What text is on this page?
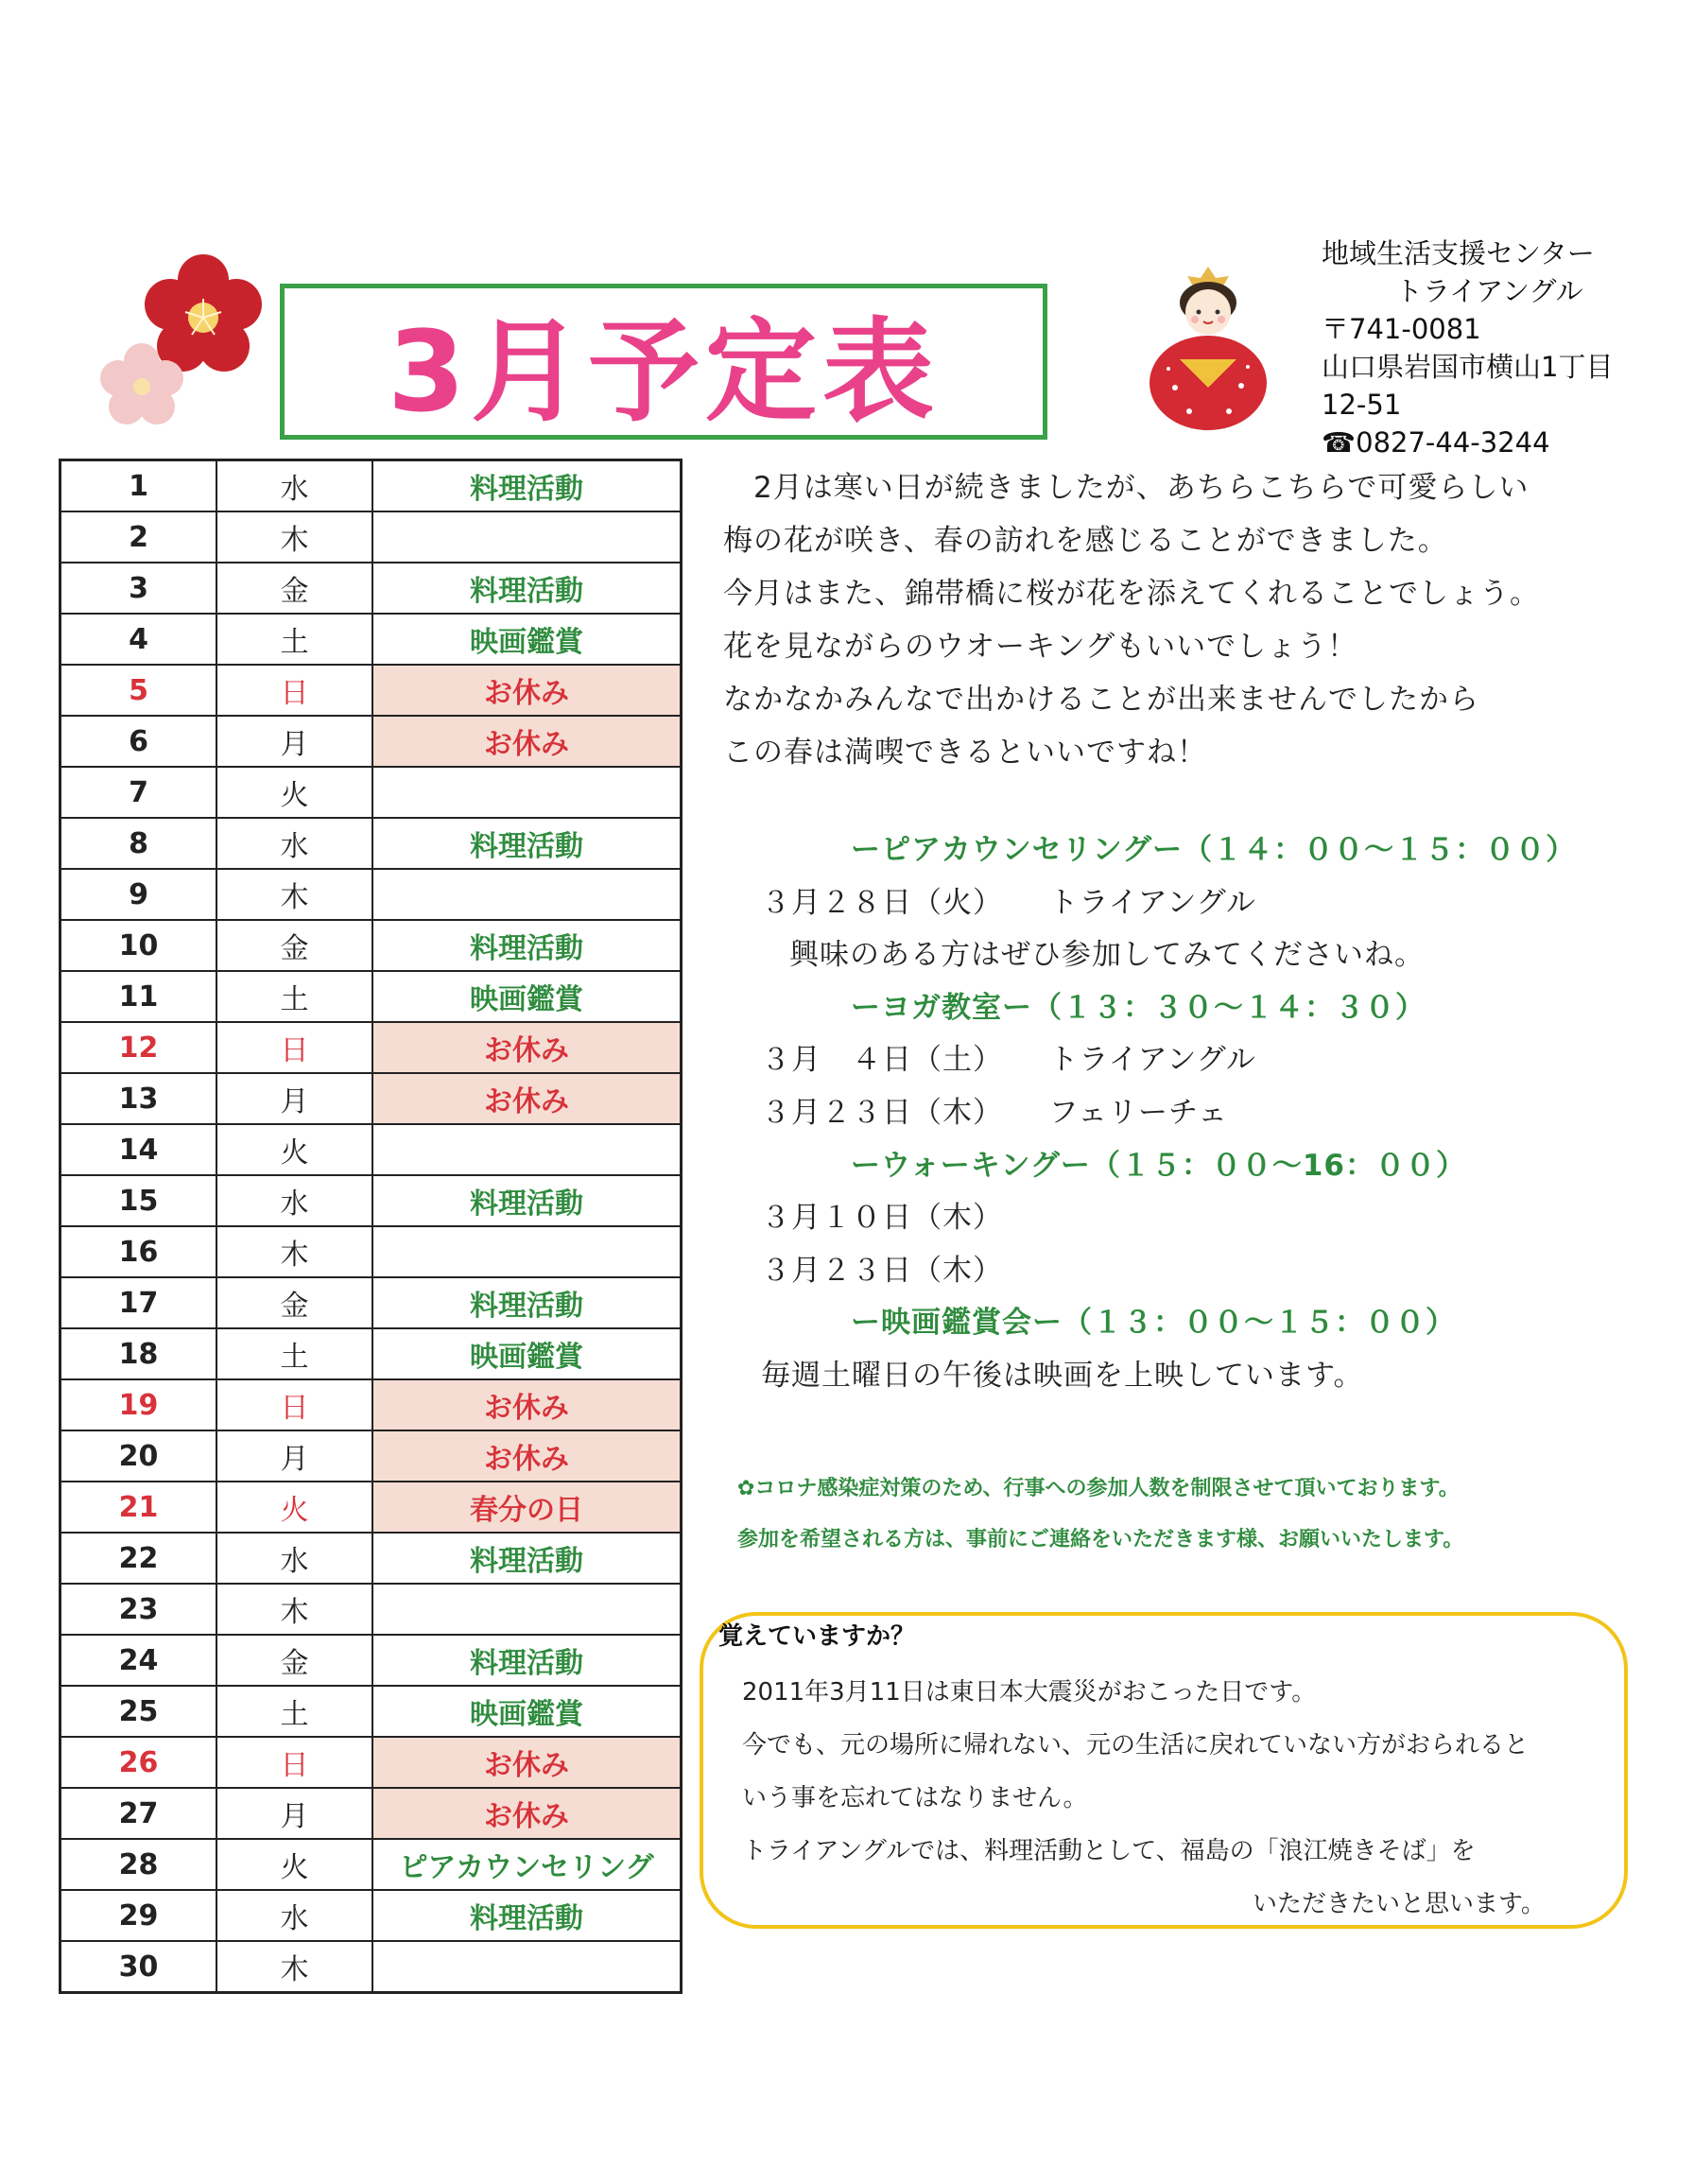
3月予定表
地域生活支援センター
トライアングル
〒741-0081
山口県岩国市横山1丁目
12-51
☎0827-44-3244
1	水	料理活動
2	木	
3	金	料理活動
4	土	映画鑑賞
5	日	お休み
6	月	お休み
7	火	
8	水	料理活動
9	木	
10	金	料理活動
11	土	映画鑑賞
12	日	お休み
13	月	お休み
14	火	
15	水	料理活動
16	木	
17	金	料理活動
18	土	映画鑑賞
19	日	お休み
20	月	お休み
21	火	春分の日
22	水	料理活動
23	木	
24	金	料理活動
25	土	映画鑑賞
26	日	お休み
27	月	お休み
28	火	ピアカウンセリング
29	水	料理活動
30	木	
　2月は寒い日が続きましたが、あちらこちらで可愛らしい
梅の花が咲き、春の訪れを感じることができました。
今月はまた、錦帯橋に桜が花を添えてくれることでしょう。
花を見ながらのウオーキングもいいでしょう！
なかなかみんなで出かけることが出来ませんでしたから
この春は満喫できるといいですね！
ーピアカウンセリングー（１４：００～１５：００）
３月２８日（火）　　トライアングル
興味のある方はぜひ参加してみてくださいね。
ーヨガ教室ー（１３：３０～１４：３０）
３月　４日（土）　　トライアングル
３月２３日（木）　　フェリーチェ
ーウォーキングー（１５：００～16：００）
３月１０日（木）
３月２３日（木）
ー映画鑑賞会ー（１３：００～１５：００）
毎週土曜日の午後は映画を上映しています。
✿コロナ感染症対策のため、行事への参加人数を制限させて頂いております。
参加を希望される方は、事前にご連絡をいただきます様、お願いいたします。
覚えていますか？
2011年3月11日は東日本大震災がおこった日です。
今でも、元の場所に帰れない、元の生活に戻れていない方がおられると
いう事を忘れてはなりません。
トライアングルでは、料理活動として、福島の「浪江焼きそば」を
いただきたいと思います。
